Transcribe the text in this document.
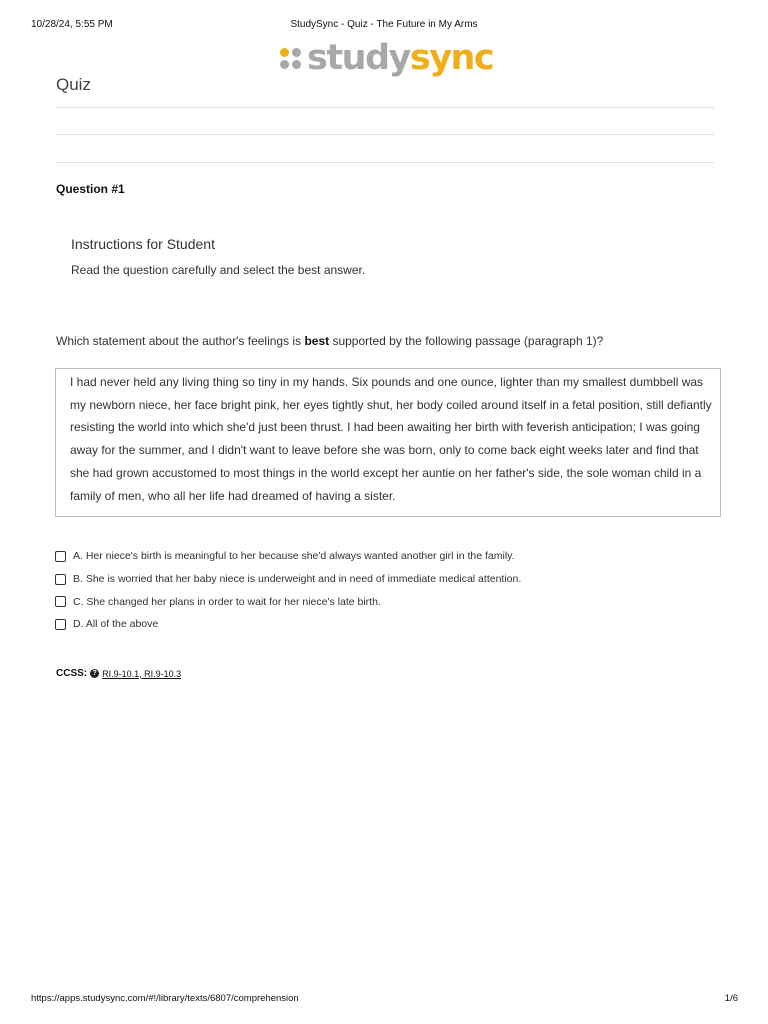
10/28/24, 5:55 PM	StudySync - Quiz - The Future in My Arms
studysync
Quiz
Question #1
Instructions for Student
Read the question carefully and select the best answer.
Which statement about the author's feelings is best supported by the following passage (paragraph 1)?
I had never held any living thing so tiny in my hands. Six pounds and one ounce, lighter than my smallest dumbbell was my newborn niece, her face bright pink, her eyes tightly shut, her body coiled around itself in a fetal position, still defiantly resisting the world into which she'd just been thrust. I had been awaiting her birth with feverish anticipation; I was going away for the summer, and I didn't want to leave before she was born, only to come back eight weeks later and find that she had grown accustomed to most things in the world except her auntie on her father's side, the sole woman child in a family of men, who all her life had dreamed of having a sister.
A. Her niece's birth is meaningful to her because she'd always wanted another girl in the family.
B. She is worried that her baby niece is underweight and in need of immediate medical attention.
C. She changed her plans in order to wait for her niece's late birth.
D. All of the above
CCSS: ? RI.9-10.1, RI.9-10.3
https://apps.studysync.com/#!/library/texts/6807/comprehension	1/6
